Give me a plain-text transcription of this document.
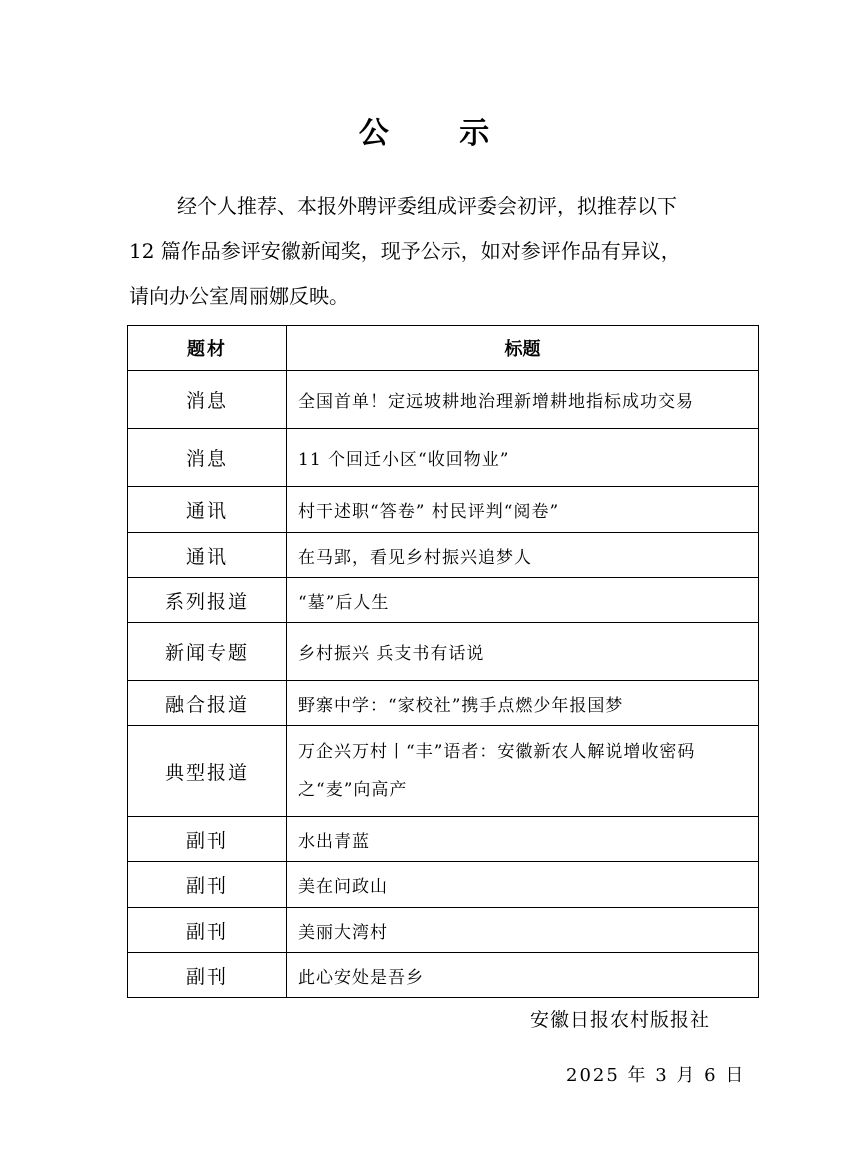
公 示
经个人推荐、本报外聘评委组成评委会初评，拟推荐以下
12 篇作品参评安徽新闻奖，现予公示，如对参评作品有异议，
请向办公室周丽娜反映。
题材	标题
消息	全国首单！定远坡耕地治理新增耕地指标成功交易
消息	11 个回迁小区“收回物业”
通讯	村干述职“答卷” 村民评判“阅卷”
通讯	在马郢，看见乡村振兴追梦人
系列报道	“墓”后人生
新闻专题	乡村振兴 兵支书有话说
融合报道	野寨中学：“家校社”携手点燃少年报国梦
典型报道	万企兴万村丨“丰”语者：安徽新农人解说增收密码
之“麦”向高产

副刊	水出青蓝
副刊	美在问政山
副刊	美丽大湾村
副刊	此心安处是吾乡
安徽日报农村版报社
2025 年 3 月 6 日
